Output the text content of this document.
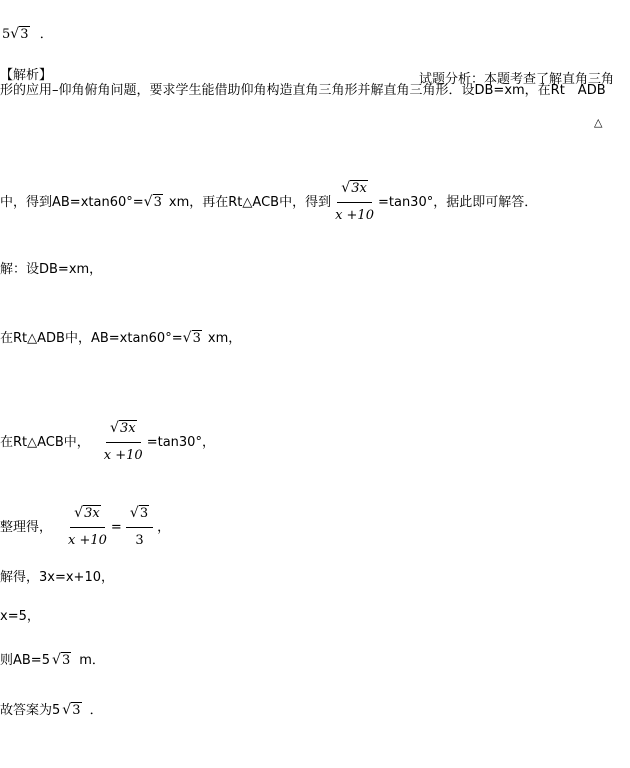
5 √ 3 ．
【解析】	试题分析：本题考查了解直角三角
形的应用–仰角俯角问题，要求学生能借助仰角构造直角三角形并解直角三角形．设DB=xm，在Rt　ADB
△
中，得到AB=xtan60°= √ 3 xm，再在Rt△ACB中，得到 $\frac{√ 3x}{x +10} =\tan 30^\circ$，据此即可解答．
解：设DB=xm，
在Rt△ADB中，AB=xtan60°= √ 3 xm，
在Rt△ACB中， $\frac{√ 3x}{x +10} =\tan 30^\circ$，
整理得， $\frac{√ 3x}{x +10} = \frac{√ 3}{3}$ ，
解得，3x=x+10，
x=5，
则AB=5 √ 3 m．
故答案为5 √ 3 ．
